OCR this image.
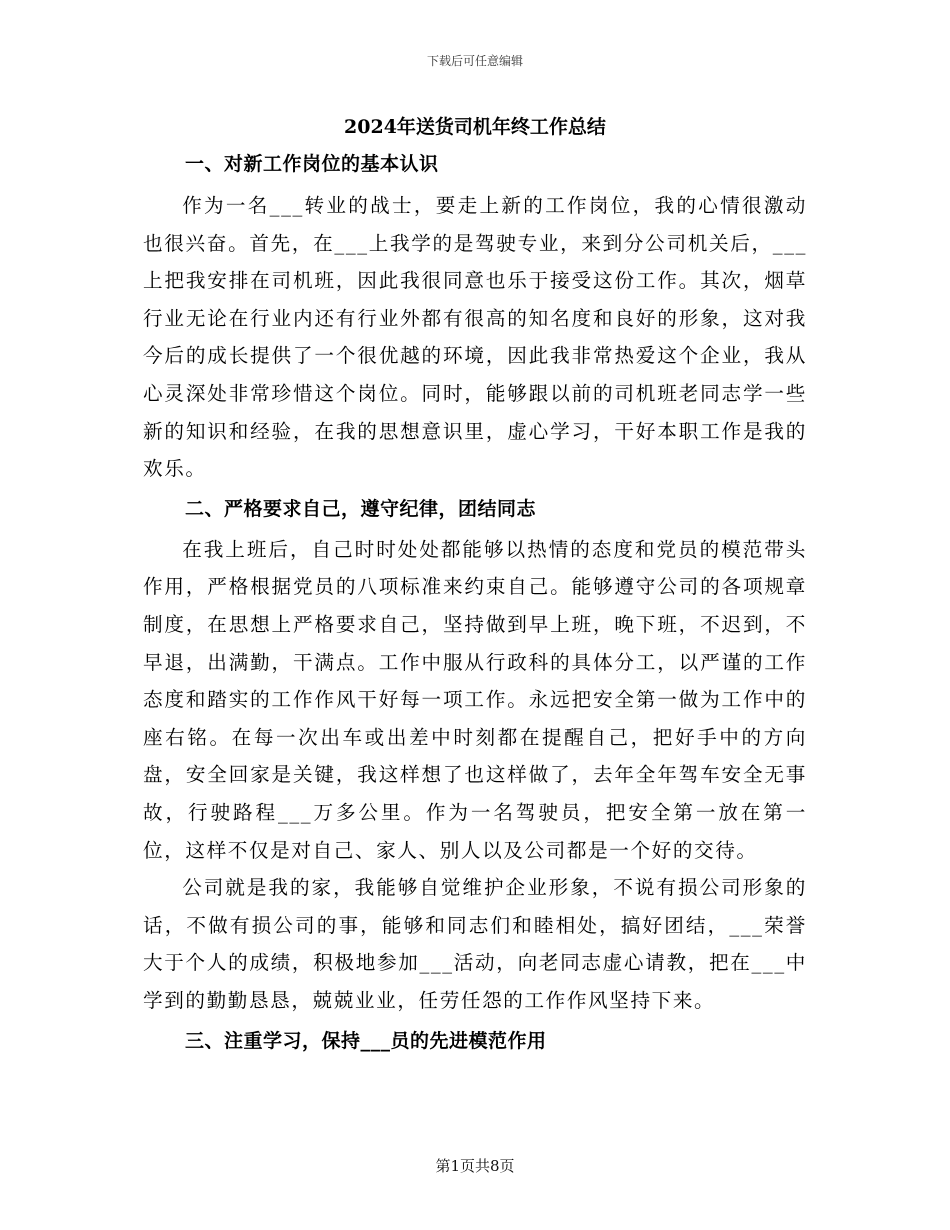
下载后可任意编辑
2024年送货司机年终工作总结
一、对新工作岗位的基本认识

作为一名___转业的战士，要走上新的工作岗位，我的心情很激动也很兴奋。首先，在___上我学的是驾驶专业，来到分公司机关后，___上把我安排在司机班，因此我很同意也乐于接受这份工作。其次，烟草行业无论在行业内还有行业外都有很高的知名度和良好的形象，这对我今后的成长提供了一个很优越的环境，因此我非常热爱这个企业，我从心灵深处非常珍惜这个岗位。同时，能够跟以前的司机班老同志学一些新的知识和经验，在我的思想意识里，虚心学习，干好本职工作是我的欢乐。

二、严格要求自己，遵守纪律，团结同志

在我上班后，自己时时处处都能够以热情的态度和党员的模范带头作用，严格根据党员的八项标准来约束自己。能够遵守公司的各项规章制度，在思想上严格要求自己，坚持做到早上班，晚下班，不迟到，不早退，出满勤，干满点。工作中服从行政科的具体分工，以严谨的工作态度和踏实的工作作风干好每一项工作。永远把安全第一做为工作中的座右铭。在每一次出车或出差中时刻都在提醒自己，把好手中的方向盘，安全回家是关键，我这样想了也这样做了，去年全年驾车安全无事故，行驶路程___万多公里。作为一名驾驶员，把安全第一放在第一位，这样不仅是对自己、家人、别人以及公司都是一个好的交待。

公司就是我的家，我能够自觉维护企业形象，不说有损公司形象的话，不做有损公司的事，能够和同志们和睦相处，搞好团结，___荣誉大于个人的成绩，积极地参加___活动，向老同志虚心请教，把在___中学到的勤勤恳恳，兢兢业业，任劳任怨的工作作风坚持下来。

三、注重学习，保持___员的先进模范作用
第1页共8页
